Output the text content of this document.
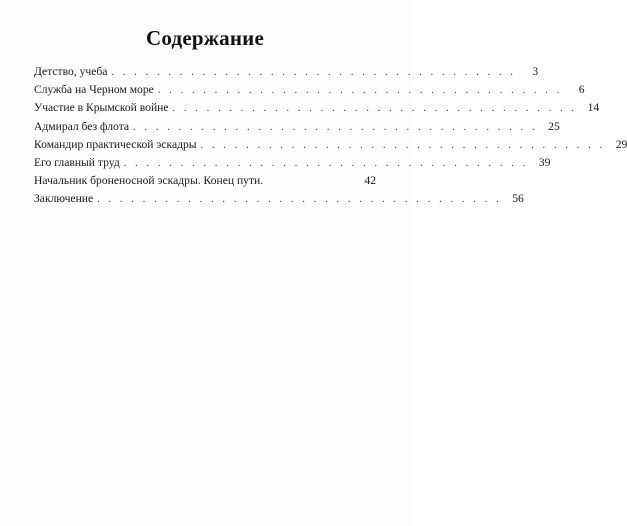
Содержание
Детство, учеба . . . . . . . . . . . . . . . . . . . . . . . . . . . . . . . . . . . .	3
Служба на Черном море . . . . . . . . . . . . . . . . . . . . . . . . . . . . . . . . . . . .	6
Участие в Крымской войне . . . . . . . . . . . . . . . . . . . . . . . . . . . . . . . . . . . . 14
Адмирал без флота . . . . . . . . . . . . . . . . . . . . . . . . . . . . . . . . . . . . 25
Командир практической эскадры . . . . . . . . . . . . . . . . . . . . . . . . . . . . . . . . . . . . 29
Его главный труд . . . . . . . . . . . . . . . . . . . . . . . . . . . . . . . . . . . . 39
Начальник броненосной эскадры. Конец пути.	42
Заключение . . . . . . . . . . . . . . . . . . . . . . . . . . . . . . . . . . . . 56
